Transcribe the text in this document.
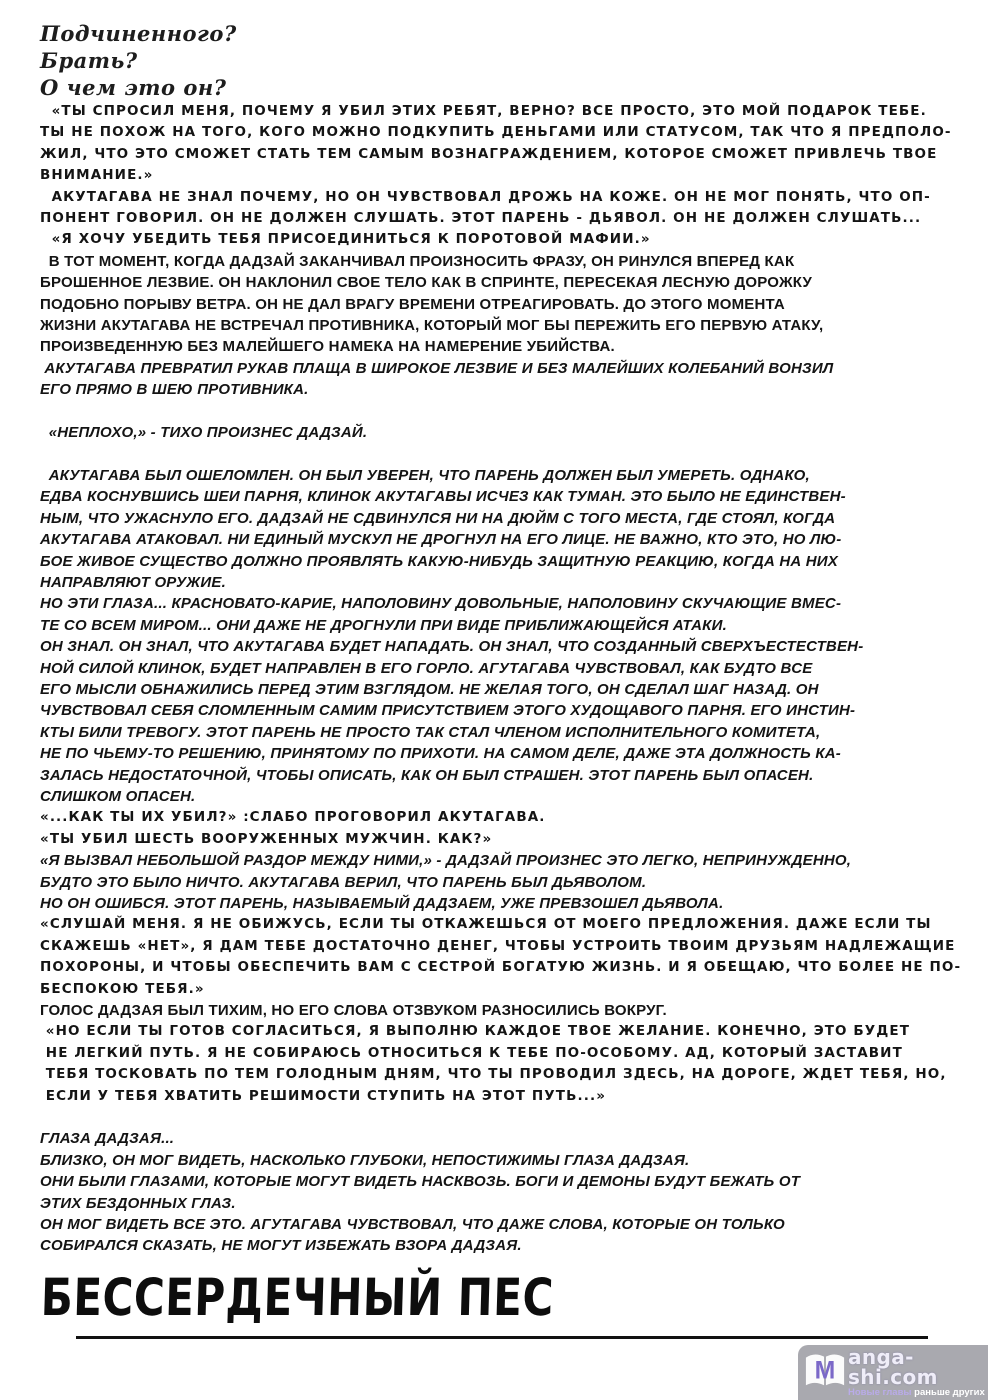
Подчиненного?
Брать?
О чем это он?
«ТЫ СПРОСИЛ МЕНЯ, ПОЧЕМУ Я УБИЛ ЭТИХ РЕБЯТ, ВЕРНО? ВСЕ ПРОСТО, ЭТО МОЙ ПОДАРОК ТЕБЕ.
ТЫ НЕ ПОХОЖ НА ТОГО, КОГО МОЖНО ПОДКУПИТЬ ДЕНЬГАМИ ИЛИ СТАТУСОМ, ТАК ЧТО Я ПРЕДПОЛО-
ЖИЛ, ЧТО ЭТО СМОЖЕТ СТАТЬ ТЕМ САМЫМ ВОЗНАГРАЖДЕНИЕМ, КОТОРОЕ СМОЖЕТ ПРИВЛЕЧЬ ТВОЕ
ВНИМАНИЕ.»
АКУТАГАВА НЕ ЗНАЛ ПОЧЕМУ, НО ОН ЧУВСТВОВАЛ ДРОЖЬ НА КОЖЕ. ОН НЕ МОГ ПОНЯТЬ, ЧТО ОП-
ПОНЕНТ ГОВОРИЛ. ОН НЕ ДОЛЖЕН СЛУШАТЬ. ЭТОТ ПАРЕНЬ - ДЬЯВОЛ. ОН НЕ ДОЛЖЕН СЛУШАТЬ...
«Я ХОЧУ УБЕДИТЬ ТЕБЯ ПРИСОЕДИНИТЬСЯ К ПОРОТОВОЙ МАФИИ.»
В ТОТ МОМЕНТ, КОГДА ДАДЗАЙ ЗАКАНЧИВАЛ ПРОИЗНОСИТЬ ФРАЗУ, ОН РИНУЛСЯ ВПЕРЕД КАК
БРОШЕННОЕ ЛЕЗВИЕ. ОН НАКЛОНИЛ СВОЕ ТЕЛО КАК В СПРИНТЕ, ПЕРЕСЕКАЯ ЛЕСНУЮ ДОРОЖКУ
ПОДОБНО ПОРЫВУ ВЕТРА. ОН НЕ ДАЛ ВРАГУ ВРЕМЕНИ ОТРЕАГИРОВАТЬ. ДО ЭТОГО МОМЕНТА
ЖИЗНИ АКУТАГАВА НЕ ВСТРЕЧАЛ ПРОТИВНИКА, КОТОРЫЙ МОГ БЫ ПЕРЕЖИТЬ ЕГО ПЕРВУЮ АТАКУ,
ПРОИЗВЕДЕННУЮ БЕЗ МАЛЕЙШЕГО НАМЕКА НА НАМЕРЕНИЕ УБИЙСТВА.
АКУТАГАВА ПРЕВРАТИЛ РУКАВ ПЛАЩА В ШИРОКОЕ ЛЕЗВИЕ И БЕЗ МАЛЕЙШИХ КОЛЕБАНИЙ ВОНЗИЛ
ЕГО ПРЯМО В ШЕЮ ПРОТИВНИКА.
«НЕПЛОХО,» - ТИХО ПРОИЗНЕС ДАДЗАЙ.
АКУТАГАВА БЫЛ ОШЕЛОМЛЕН. ОН БЫЛ УВЕРЕН, ЧТО ПАРЕНЬ ДОЛЖЕН БЫЛ УМЕРЕТЬ. ОДНАКО,
ЕДВА КОСНУВШИСЬ ШЕИ ПАРНЯ, КЛИНОК АКУТАГАВЫ ИСЧЕЗ КАК ТУМАН. ЭТО БЫЛО НЕ ЕДИНСТВЕН-
НЫМ, ЧТО УЖАСНУЛО ЕГО. ДАДЗАЙ НЕ СДВИНУЛСЯ НИ НА ДЮЙМ С ТОГО МЕСТА, ГДЕ СТОЯЛ, КОГДА
АКУТАГАВА АТАКОВАЛ. НИ ЕДИНЫЙ МУСКУЛ НЕ ДРОГНУЛ НА ЕГО ЛИЦЕ. НЕ ВАЖНО, КТО ЭТО, НО ЛЮ-
БОЕ ЖИВОЕ СУЩЕСТВО ДОЛЖНО ПРОЯВЛЯТЬ КАКУЮ-НИБУДЬ ЗАЩИТНУЮ РЕАКЦИЮ, КОГДА НА НИХ
НАПРАВЛЯЮТ ОРУЖИЕ.
НО ЭТИ ГЛАЗА... КРАСНОВАТО-КАРИЕ, НАПОЛОВИНУ ДОВОЛЬНЫЕ, НАПОЛОВИНУ СКУЧАЮЩИЕ ВМЕС-
ТЕ СО ВСЕМ МИРОМ... ОНИ ДАЖЕ НЕ ДРОГНУЛИ ПРИ ВИДЕ ПРИБЛИЖАЮЩЕЙСЯ АТАКИ.
ОН ЗНАЛ. ОН ЗНАЛ, ЧТО АКУТАГАВА БУДЕТ НАПАДАТЬ. ОН ЗНАЛ, ЧТО СОЗДАННЫЙ СВЕРХЪЕСТЕСТВЕН-
НОЙ СИЛОЙ КЛИНОК, БУДЕТ НАПРАВЛЕН В ЕГО ГОРЛО. АГУТАГАВА ЧУВСТВОВАЛ, КАК БУДТО ВСЕ
ЕГО МЫСЛИ ОБНАЖИЛИСЬ ПЕРЕД ЭТИМ ВЗГЛЯДОМ. НЕ ЖЕЛАЯ ТОГО, ОН СДЕЛАЛ ШАГ НАЗАД. ОН
ЧУВСТВОВАЛ СЕБЯ СЛОМЛЕННЫМ САМИМ ПРИСУТСТВИЕМ ЭТОГО ХУДОЩАВОГО ПАРНЯ. ЕГО ИНСТИН-
КТЫ БИЛИ ТРЕВОГУ. ЭТОТ ПАРЕНЬ НЕ ПРОСТО ТАК СТАЛ ЧЛЕНОМ ИСПОЛНИТЕЛЬНОГО КОМИТЕТА,
НЕ ПО ЧЬЕМУ-ТО РЕШЕНИЮ, ПРИНЯТОМУ ПО ПРИХОТИ. НА САМОМ ДЕЛЕ, ДАЖЕ ЭТА ДОЛЖНОСТЬ КА-
ЗАЛАСЬ НЕДОСТАТОЧНОЙ, ЧТОБЫ ОПИСАТЬ, КАК ОН БЫЛ СТРАШЕН. ЭТОТ ПАРЕНЬ БЫЛ ОПАСЕН.
СЛИШКОМ ОПАСЕН.
«...КАК ТЫ ИХ УБИЛ?» :СЛАБО ПРОГОВОРИЛ АКУТАГАВА.
«ТЫ УБИЛ ШЕСТЬ ВООРУЖЕННЫХ МУЖЧИН. КАК?»
«Я ВЫЗВАЛ НЕБОЛЬШОЙ РАЗДОР МЕЖДУ НИМИ,» - ДАДЗАЙ ПРОИЗНЕС ЭТО ЛЕГКО, НЕПРИНУЖДЕННО,
БУДТО ЭТО БЫЛО НИЧТО. АКУТАГАВА ВЕРИЛ, ЧТО ПАРЕНЬ БЫЛ ДЬЯВОЛОМ.
НО ОН ОШИБСЯ. ЭТОТ ПАРЕНЬ, НАЗЫВАЕМЫЙ ДАДЗАЕМ, УЖЕ ПРЕВЗОШЕЛ ДЬЯВОЛА.
«СЛУШАЙ МЕНЯ. Я НЕ ОБИЖУСЬ, ЕСЛИ ТЫ ОТКАЖЕШЬСЯ ОТ МОЕГО ПРЕДЛОЖЕНИЯ. ДАЖЕ ЕСЛИ ТЫ
СКАЖЕШЬ «НЕТ», Я ДАМ ТЕБЕ ДОСТАТОЧНО ДЕНЕГ, ЧТОБЫ УСТРОИТЬ ТВОИМ ДРУЗЬЯМ НАДЛЕЖАЩИЕ
ПОХОРОНЫ, И ЧТОБЫ ОБЕСПЕЧИТЬ ВАМ С СЕСТРОЙ БОГАТУЮ ЖИЗНЬ. И Я ОБЕЩАЮ, ЧТО БОЛЕЕ НЕ ПО-
БЕСПОКОЮ ТЕБЯ.»
ГОЛОС ДАДЗАЯ БЫЛ ТИХИМ, НО ЕГО СЛОВА ОТЗВУКОМ РАЗНОСИЛИСЬ ВОКРУГ.
«НО ЕСЛИ ТЫ ГОТОВ СОГЛАСИТЬСЯ, Я ВЫПОЛНЮ КАЖДОЕ ТВОЕ ЖЕЛАНИЕ. КОНЕЧНО, ЭТО БУДЕТ
НЕ ЛЕГКИЙ ПУТЬ. Я НЕ СОБИРАЮСЬ ОТНОСИТЬСЯ К ТЕБЕ ПО-ОСОБОМУ. АД, КОТОРЫЙ ЗАСТАВИТ
ТЕБЯ ТОСКОВАТЬ ПО ТЕМ ГОЛОДНЫМ ДНЯМ, ЧТО ТЫ ПРОВОДИЛ ЗДЕСЬ, НА ДОРОГЕ, ЖДЕТ ТЕБЯ, НО,
ЕСЛИ У ТЕБЯ ХВАТИТЬ РЕШИМОСТИ СТУПИТЬ НА ЭТОТ ПУТЬ...»
ГЛАЗА ДАДЗАЯ...
БЛИЗКО, ОН МОГ ВИДЕТЬ, НАСКОЛЬКО ГЛУБОКИ, НЕПОСТИЖИМЫ ГЛАЗА ДАДЗАЯ.
ОНИ БЫЛИ ГЛАЗАМИ, КОТОРЫЕ МОГУТ ВИДЕТЬ НАСКВОЗЬ. БОГИ И ДЕМОНЫ БУДУТ БЕЖАТЬ ОТ
ЭТИХ БЕЗДОННЫХ ГЛАЗ.
ОН МОГ ВИДЕТЬ ВСЕ ЭТО. АГУТАГАВА ЧУВСТВОВАЛ, ЧТО ДАЖЕ СЛОВА, КОТОРЫЕ ОН ТОЛЬКО
СОБИРАЛСЯ СКАЗАТЬ, НЕ МОГУТ ИЗБЕЖАТЬ ВЗОРА ДАДЗАЯ.
БЕССЕРДЕЧНЫЙ ПЕС
M
anga-shi.com
Новые главы раньше других
